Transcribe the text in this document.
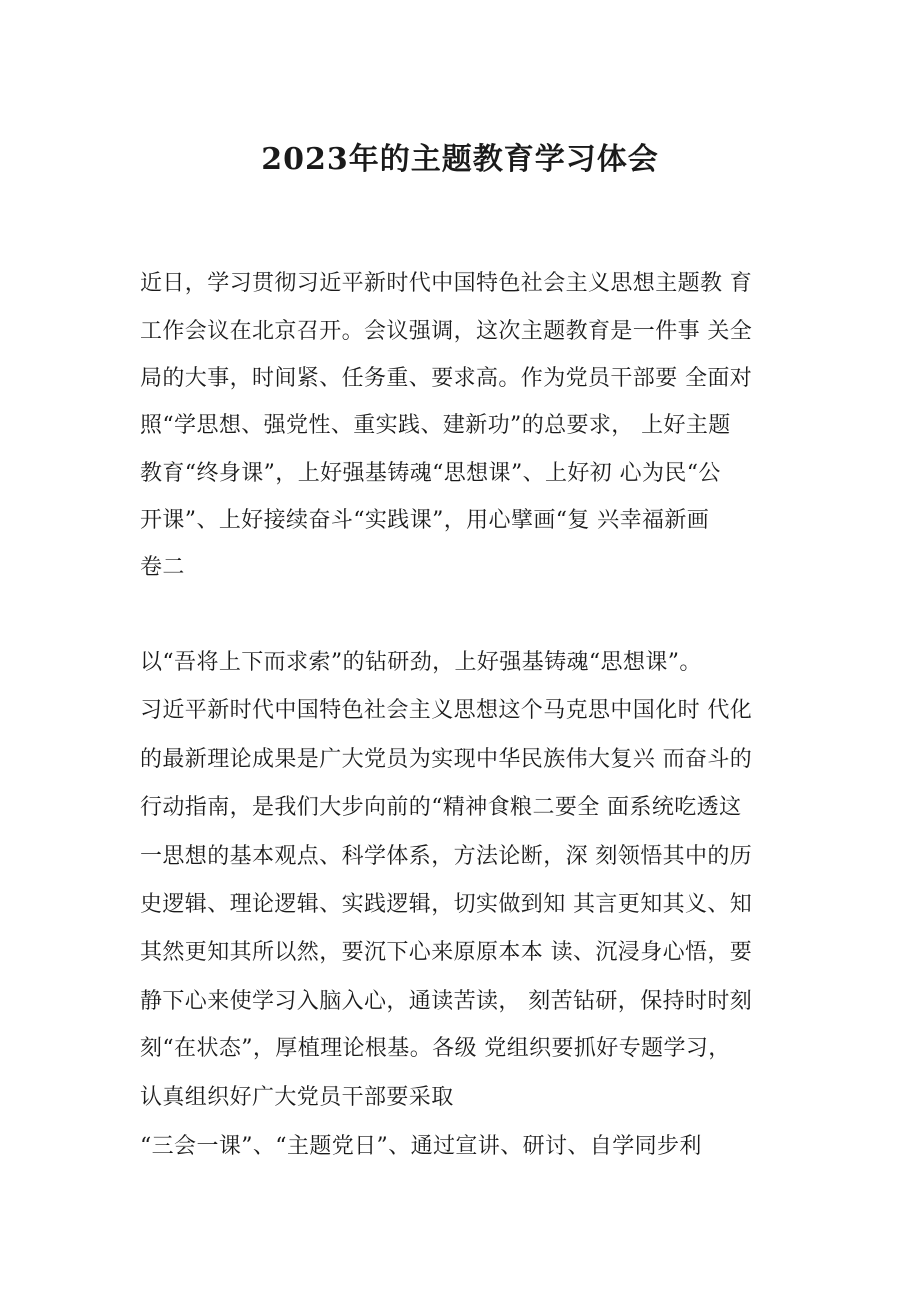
2023年的主题教育学习体会
近日，学习贯彻习近平新时代中国特色社会主义思想主题教 育
工作会议在北京召开。会议强调，这次主题教育是一件事 关全
局的大事，时间紧、任务重、要求高。作为党员干部要 全面对
照“学思想、强党性、重实践、建新功”的总要求， 上好主题
教育“终身课”，上好强基铸魂“思想课”、上好初 心为民“公
开课”、上好接续奋斗“实践课”，用心擘画“复 兴幸福新画
卷二
以“吾将上下而求索”的钻研劲，上好强基铸魂“思想课”。
习近平新时代中国特色社会主义思想这个马克思中国化时 代化
的最新理论成果是广大党员为实现中华民族伟大复兴 而奋斗的
行动指南，是我们大步向前的“精神食粮二要全 面系统吃透这
一思想的基本观点、科学体系，方法论断，深 刻领悟其中的历
史逻辑、理论逻辑、实践逻辑，切实做到知 其言更知其义、知
其然更知其所以然，要沉下心来原原本本 读、沉浸身心悟，要
静下心来使学习入脑入心，通读苦读， 刻苦钻研，保持时时刻
刻“在状态”，厚植理论根基。各级 党组织要抓好专题学习，
认真组织好广大党员干部要采取
“三会一课”、“主题党日”、通过宣讲、研讨、自学同步利
